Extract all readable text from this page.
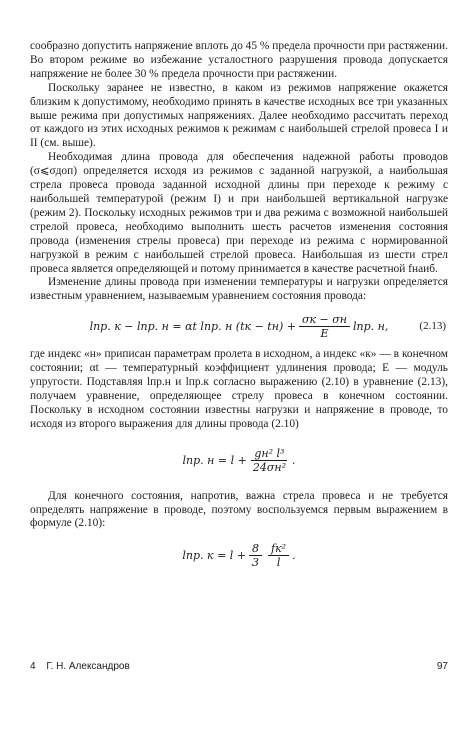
сообразно допустить напряжение вплоть до 45 % предела прочности при растяжении. Во втором режиме во избежание усталостного разрушения провода допускается напряжение не более 30 % предела прочности при растяжении.

Поскольку заранее не известно, в каком из режимов напряжение окажется близким к допустимому, необходимо принять в качестве исходных все три указанных выше режима при допустимых напряжениях. Далее необходимо рассчитать переход от каждого из этих исходных режимов к режимам с наибольшей стрелой провеса I и II (см. выше).

Необходимая длина провода для обеспечения надежной работы проводов (σ⩽σдоп) определяется исходя из режимов с заданной нагрузкой, а наибольшая стрела провеса провода заданной исходной длины при переходе к режиму с наибольшей температурой (режим I) и при наибольшей вертикальной нагрузке (режим 2). Поскольку исходных режимов три и два режима с возможной наибольшей стрелой провеса, необходимо выполнить шесть расчетов изменения состояния провода (изменения стрелы провеса) при переходе из режима с нормированной нагрузкой в режим с наибольшей стрелой провеса. Наибольшая из шести стрел провеса является определяющей и потому принимается в качестве расчетной fнаиб.

Изменение длины провода при изменении температуры и нагрузки определяется известным уравнением, называемым уравнением состояния провода:

lпр. к − lпр. н = αt lпр. н $(tк - tн) + \frac{\sigma к - \sigma н}{E}$ lпр. н,	(2.13)

где индекс «н» приписан параметрам пролета в исходном, а индекс «к» — в конечном состоянии; αt — температурный коэффициент удлинения провода; E — модуль упругости. Подставляя lпр.н и lпр.к согласно выражению (2.10) в уравнение (2.13), получаем уравнение, определяющее стрелу провеса в конечном состоянии. Поскольку в исходном состоянии известны нагрузки и напряжение в проводе, то исходя из второго выражения для длины провода (2.10)

lпр. $н = l + \frac{\text{gн² l³}}{\text{24σн²}}$ .

Для конечного состояния, напротив, важна стрела провеса и не требуется определять напряжение в проводе, поэтому воспользуемся первым выражением в формуле (2.10):

lпр. $к = l + \frac{8}{3} \frac{\text{fк²}}{l}$ .
4 Г. Н. Александров	97
